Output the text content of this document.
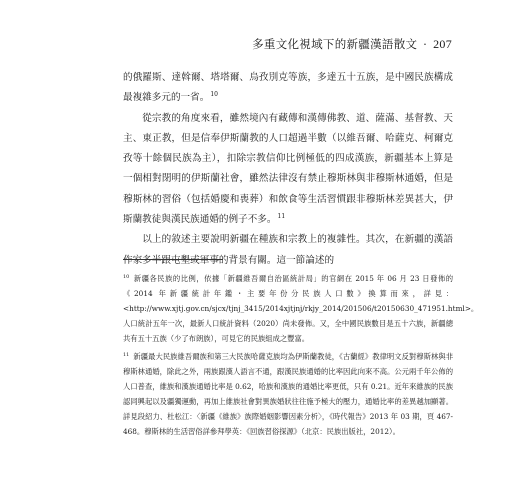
多重文化視域下的新疆漢語散文 · 207

的俄羅斯、達斡爾、塔塔爾、烏孜別克等族，多達五十五族，是中國民族構成最複雜多元的一省。$^{10}$

從宗教的角度來看，雖然境內有藏傳和漢傳佛教、道、薩滿、基督教、天主、東正教，但是信奉伊斯蘭教的人口超過半數（以維吾爾、哈薩克、柯爾克孜等十餘個民族為主），扣除宗教信仰比例極低的四成漢族，新疆基本上算是一個相對閉明的伊斯蘭社會，雖然法律沒有禁止穆斯林與非穆斯林通婚，但是穆斯林的習俗（包括婚慶和喪葬）和飲食等生活習慣跟非穆斯林差異甚大，伊斯蘭教徒與漢民族通婚的例子不多。$^{11}$

以上的敘述主要說明新疆在種族和宗教上的複雜性。其次，在新疆的漢語作家多半跟屯墾或軍事的背景有關。這一節論述的

$^{10}$ 新疆各民族的比例，依據「新疆維吾爾自治區統計局」的官網在 2015 年 06 月 23 日發佈的《2014 年新疆統計年鑑・主要年份分民族人口數》換算而來，詳見：<http://www.xjtj.gov.cn/sjcx/tjnj_3415/2014xjtjnj/rkjy_2014/201506/t20150630_471951.html>。人口統計五年一次，最新人口統計資料（2020）尚未發佈。又，全中國民族數目是五十六族，新疆總共有五十五族（少了布朗族），可見它的民族組成之豐富。

$^{11}$ 新疆最大民族維吾爾族和第三大民族哈薩克族均為伊斯蘭教徒，《古蘭經》教律明文反對穆斯林與非穆斯林通婚，除此之外，兩族跟漢人語言不通，跟漢民族通婚的比率因此向來不高。公元兩千年公佈的人口普查，維族和漢族通婚比率是 0.62，哈族和漢族的通婚比率更低，只有 0.21。近年來維族的民族認同興起以及疆獨運動，再加上維族社會對異族婚狀往往施予極大的壓力，通婚比率的差異越加顯著。詳見段紹力、杜松江：〈新疆《維族》族際婚姻影響因素分析〉，《時代報告》2013 年 03 期，頁 467-468。穆斯林的生活習俗詳參拜學英：《回族習俗探源》（北京：民族出版社，2012）。
